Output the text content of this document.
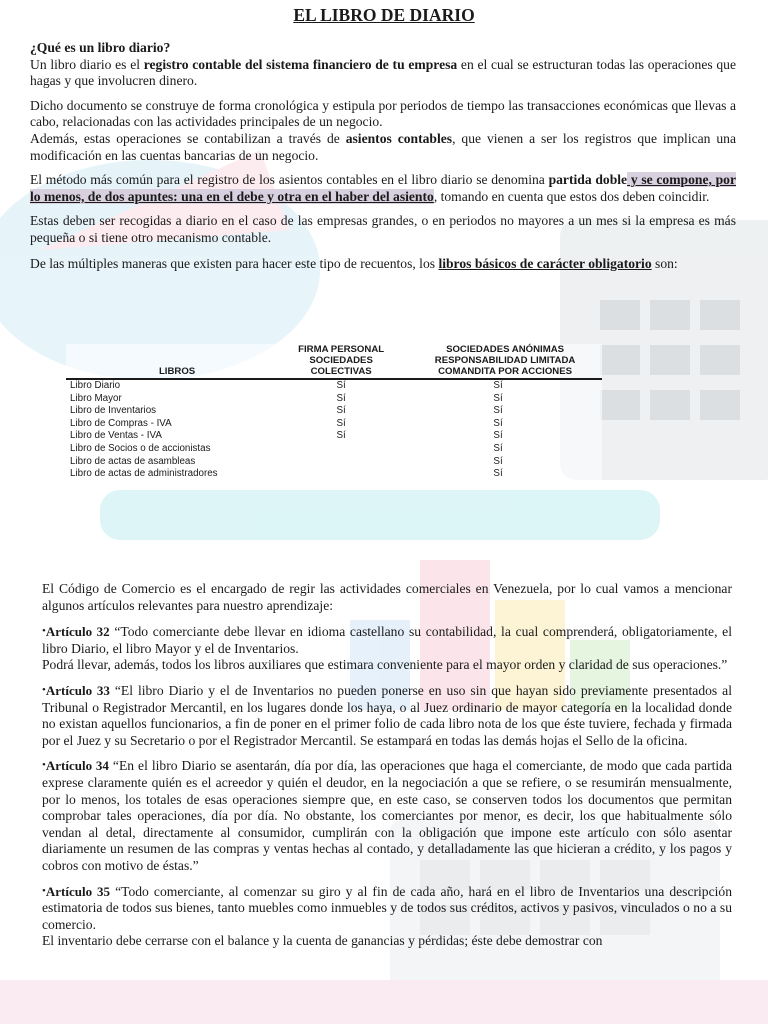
EL LIBRO DE DIARIO

¿Qué es un libro diario?

Un libro diario es el registro contable del sistema financiero de tu empresa en el cual se estructuran todas las operaciones que hagas y que involucren dinero.

Dicho documento se construye de forma cronológica y estipula por periodos de tiempo las transacciones económicas que llevas a cabo, relacionadas con las actividades principales de un negocio.

Además, estas operaciones se contabilizan a través de asientos contables, que vienen a ser los registros que implican una modificación en las cuentas bancarias de un negocio.

El método más común para el registro de los asientos contables en el libro diario se denomina partida doble y se compone, por lo menos, de dos apuntes: una en el debe y otra en el haber del asiento, tomando en cuenta que estos dos deben coincidir.

Estas deben ser recogidas a diario en el caso de las empresas grandes, o en periodos no mayores a un mes si la empresa es más pequeña o si tiene otro mecanismo contable.

De las múltiples maneras que existen para hacer este tipo de recuentos, los libros básicos de carácter obligatorio son:

LIBROS	FIRMA PERSONAL SOCIEDADES COLECTIVAS	SOCIEDADES ANÓNIMAS RESPONSABILIDAD LIMITADA COMANDITA POR ACCIONES
Libro Diario	Sí	Sí
Libro Mayor	Sí	Sí
Libro de Inventarios	Sí	Sí
Libro de Compras - IVA	Sí	Sí
Libro de Ventas - IVA	Sí	Sí
Libro de Socios o de accionistas		Sí
Libro de actas de asambleas		Sí
Libro de actas de administradores		Sí

El Código de Comercio es el encargado de regir las actividades comerciales en Venezuela, por lo cual vamos a mencionar algunos artículos relevantes para nuestro aprendizaje:

•Artículo 32 “Todo comerciante debe llevar en idioma castellano su contabilidad, la cual comprenderá, obligatoriamente, el libro Diario, el libro Mayor y el de Inventarios.
Podrá llevar, además, todos los libros auxiliares que estimara conveniente para el mayor orden y claridad de sus operaciones.”

•Artículo 33 “El libro Diario y el de Inventarios no pueden ponerse en uso sin que hayan sido previamente presentados al Tribunal o Registrador Mercantil, en los lugares donde los haya, o al Juez ordinario de mayor categoría en la localidad donde no existan aquellos funcionarios, a fin de poner en el primer folio de cada libro nota de los que éste tuviere, fechada y firmada por el Juez y su Secretario o por el Registrador Mercantil. Se estampará en todas las demás hojas el Sello de la oficina.

•Artículo 34 “En el libro Diario se asentarán, día por día, las operaciones que haga el comerciante, de modo que cada partida exprese claramente quién es el acreedor y quién el deudor, en la negociación a que se refiere, o se resumirán mensualmente, por lo menos, los totales de esas operaciones siempre que, en este caso, se conserven todos los documentos que permitan comprobar tales operaciones, día por día. No obstante, los comerciantes por menor, es decir, los que habitualmente sólo vendan al detal, directamente al consumidor, cumplirán con la obligación que impone este artículo con sólo asentar diariamente un resumen de las compras y ventas hechas al contado, y detalladamente las que hicieran a crédito, y los pagos y cobros con motivo de éstas.”

•Artículo 35 “Todo comerciante, al comenzar su giro y al fin de cada año, hará en el libro de Inventarios una descripción estimatoria de todos sus bienes, tanto muebles como inmuebles y de todos sus créditos, activos y pasivos, vinculados o no a su comercio.
El inventario debe cerrarse con el balance y la cuenta de ganancias y pérdidas; éste debe demostrar con
